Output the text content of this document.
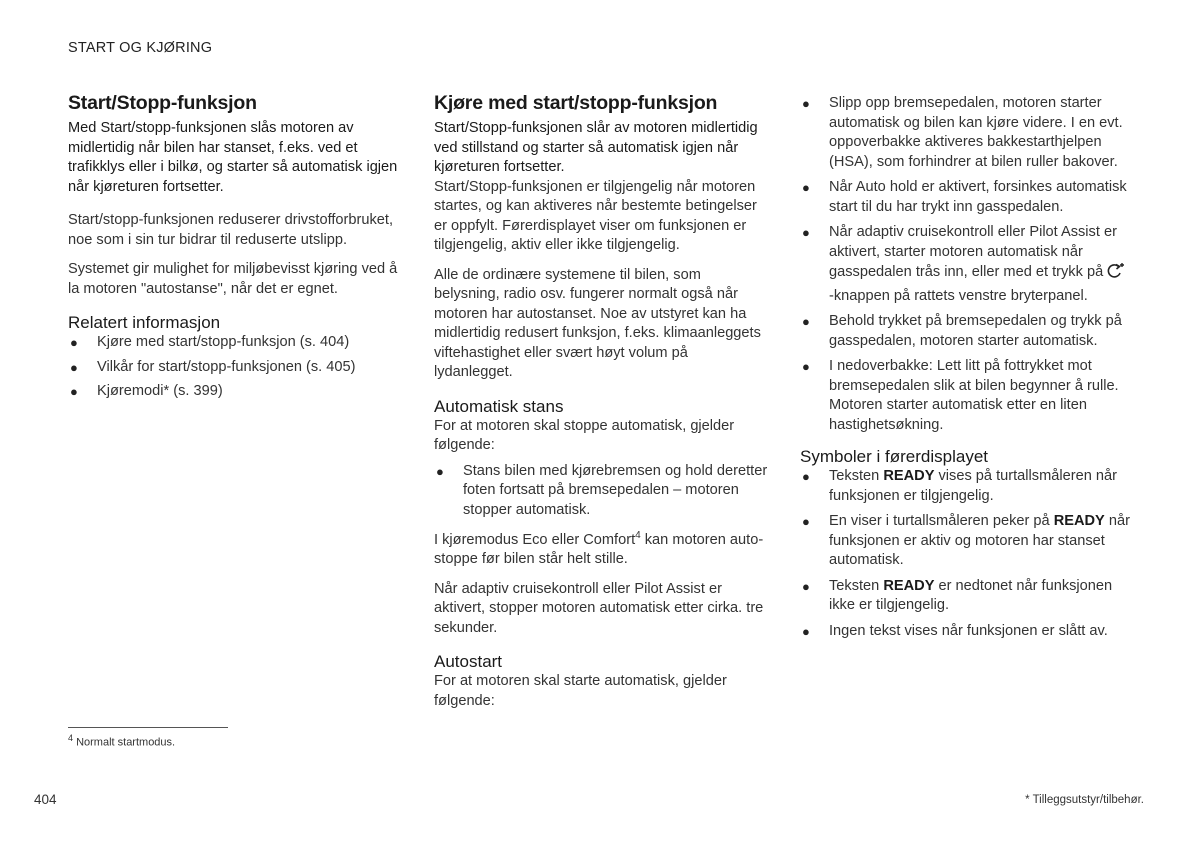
START OG KJØRING
Start/Stopp-funksjon

Med Start/stopp-funksjonen slås motoren av midlertidig når bilen har stanset, f.eks. ved et trafikklys eller i bilkø, og starter så automatisk igjen når kjøreturen fortsetter.

Start/stopp-funksjonen reduserer drivstofforbruket, noe som i sin tur bidrar til reduserte utslipp.

Systemet gir mulighet for miljøbevisst kjøring ved å la motoren "autostanse", når det er egnet.

Relatert informasjon
● Kjøre med start/stopp-funksjon (s. 404)
● Vilkår for start/stopp-funksjonen (s. 405)
● Kjøremodi* (s. 399)
Kjøre med start/stopp-funksjon

Start/Stopp-funksjonen slår av motoren midlertidig ved stillstand og starter så automatisk igjen når kjøreturen fortsetter.

Start/Stopp-funksjonen er tilgjengelig når motoren startes, og kan aktiveres når bestemte betingelser er oppfylt. Førerdisplayet viser om funksjonen er tilgjengelig, aktiv eller ikke tilgjengelig.

Alle de ordinære systemene til bilen, som belysning, radio osv. fungerer normalt også når motoren har autostanset. Noe av utstyret kan ha midlertidig redusert funksjon, f.eks. klimaanleggets viftehastighet eller svært høyt volum på lydanlegget.

Automatisk stans

For at motoren skal stoppe automatisk, gjelder følgende:

● Stans bilen med kjørebremsen og hold deretter foten fortsatt på bremsepedalen – motoren stopper automatisk.

I kjøremodus Eco eller Comfort$^4$ kan motoren auto-stoppe før bilen står helt stille.

Når adaptiv cruisekontroll eller Pilot Assist er aktivert, stopper motoren automatisk etter cirka. tre sekunder.

Autostart

For at motoren skal starte automatisk, gjelder følgende:

● Slipp opp bremsepedalen, motoren starter automatisk og bilen kan kjøre videre. I en evt. oppoverbakke aktiveres bakkestarthjelpen (HSA), som forhindrer at bilen ruller bakover.
● Når Auto hold er aktivert, forsinkes automatisk start til du har trykt inn gasspedalen.
● Når adaptiv cruisekontroll eller Pilot Assist er aktivert, starter motoren automatisk når gasspedalen trås inn, eller med et trykk på -knappen på rattets venstre bryterpanel.
● Behold trykket på bremsepedalen og trykk på gasspedalen, motoren starter automatisk.
● I nedoverbakke: Lett litt på fottrykket mot bremsepedalen slik at bilen begynner å rulle. Motoren starter automatisk etter en liten hastighetsøkning.
Symboler i førerdisplayet
● Teksten READY vises på turtallsmåleren når funksjonen er tilgjengelig.
● En viser i turtallsmåleren peker på READY når funksjonen er aktiv og motoren har stanset automatisk.
● Teksten READY er nedtonet når funksjonen ikke er tilgjengelig.
● Ingen tekst vises når funksjonen er slått av.
$^4$ Normalt startmodus.
404	* Tilleggsutstyr/tilbehør.
